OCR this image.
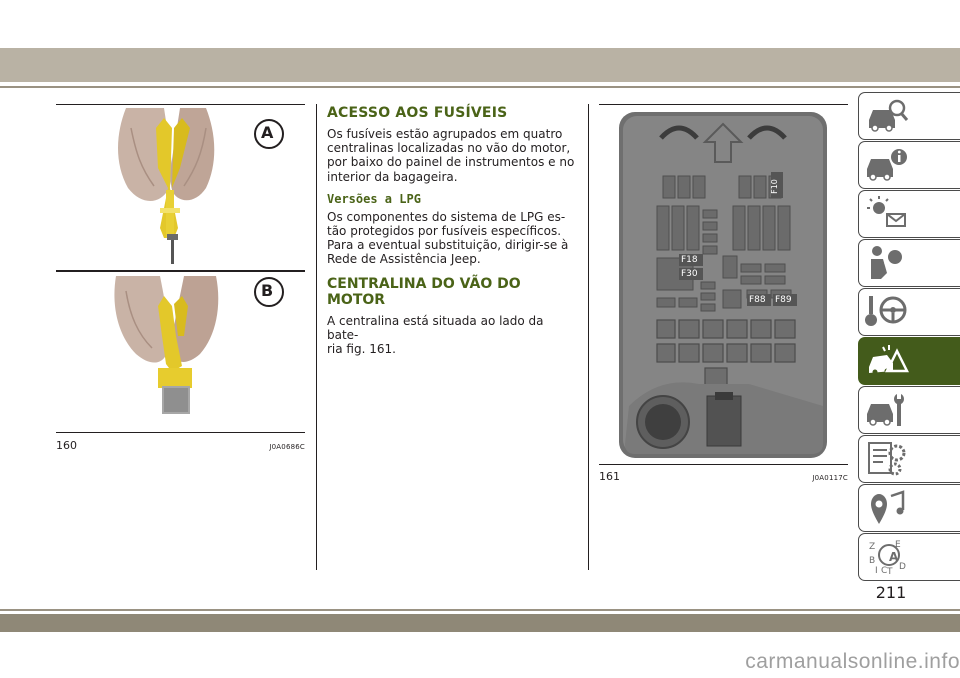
A
B
160	J0A0686C
ACESSO AOS FUSÍVEIS

Os fusíveis estão agrupados em quatro
centralinas localizadas no vão do motor,
por baixo do painel de instrumentos e no
interior da bagageira.

Versões a LPG

Os componentes do sistema de LPG es-
tão protegidos por fusíveis específicos.
Para a eventual substituição, dirigir-se à
Rede de Assistência Jeep.

CENTRALINA DO VÃO DO
MOTOR

A centralina está situada ao lado da bate-
ria fig. 161.

F10
F18
F30
F88 F89
161	J0A0117C
Z E
A
B
I C T D
211
carmanualsonline.info
